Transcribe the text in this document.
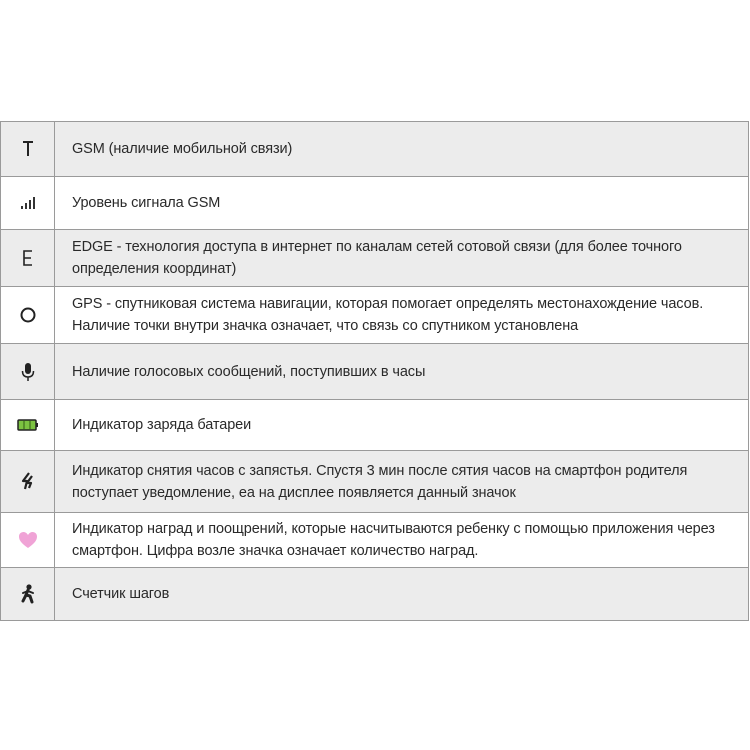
	GSM (наличие мобильной связи)

	Уровень сигнала GSM

	EDGE - технология доступа в интернет по каналам сетей сотовой связи (для более точного определения координат)

	GPS - спутниковая система навигации, которая помогает определять местонахождение часов. Наличие точки внутри значка означает, что связь со спутником установлена

	Наличие голосовых сообщений, поступивших в часы

	Индикатор заряда батареи

	Индикатор снятия часов с запястья. Спустя 3 мин после сятия часов на смартфон родителя поступает уведомление, еа на дисплее появляется данный значок

	Индикатор наград и поощрений, которые насчитываются ребенку с помощью приложения через смартфон. Цифра возле значка означает количество наград.

	Счетчик шагов
